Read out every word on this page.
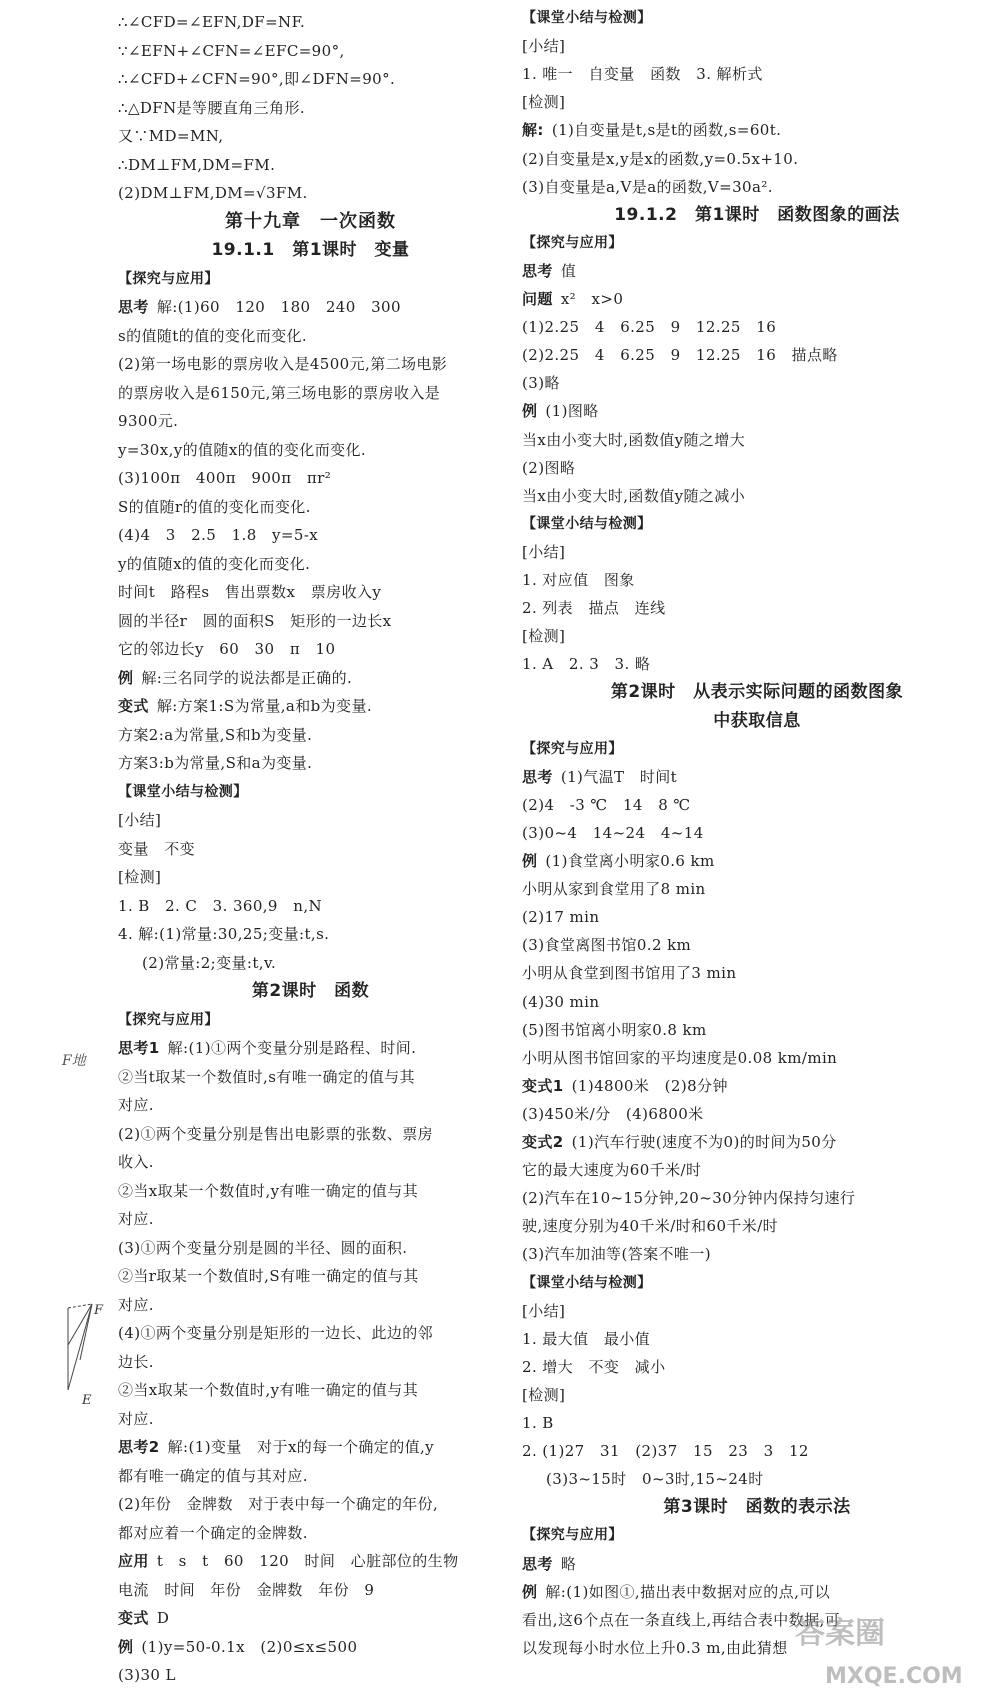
∴∠CFD=∠EFN,DF=NF.
∵∠EFN+∠CFN=∠EFC=90°,
∴∠CFD+∠CFN=90°,即∠DFN=90°.
∴△DFN是等腰直角三角形.
又∵MD=MN,
∴DM⊥FM,DM=FM.
(2)DM⊥FM,DM=√3FM.
第十九章　一次函数
19.1.1　第1课时　变量
【探究与应用】
思考 解:(1)60　120　180　240　300
s的值随t的值的变化而变化.
(2)第一场电影的票房收入是4500元,第二场电影
的票房收入是6150元,第三场电影的票房收入是
9300元.
y=30x,y的值随x的值的变化而变化.
(3)100π　400π　900π　πr²
S的值随r的值的变化而变化.
(4)4　3　2.5　1.8　y=5-x
y的值随x的值的变化而变化.
时间t　路程s　售出票数x　票房收入y
圆的半径r　圆的面积S　矩形的一边长x
它的邻边长y　60　30　π　10
例 解:三名同学的说法都是正确的.
变式 解:方案1:S为常量,a和b为变量.
方案2:a为常量,S和b为变量.
方案3:b为常量,S和a为变量.
【课堂小结与检测】
[小结]
变量　不变
[检测]
1. B　2. C　3. 360,9　n,N
4. 解:(1)常量:30,25;变量:t,s.
(2)常量:2;变量:t,v.
第2课时　函数
【探究与应用】
思考1 解:(1)①两个变量分别是路程、时间.
②当t取某一个数值时,s有唯一确定的值与其
对应.
(2)①两个变量分别是售出电影票的张数、票房
收入.
②当x取某一个数值时,y有唯一确定的值与其
对应.
(3)①两个变量分别是圆的半径、圆的面积.
②当r取某一个数值时,S有唯一确定的值与其
对应.
(4)①两个变量分别是矩形的一边长、此边的邻
边长.
②当x取某一个数值时,y有唯一确定的值与其
对应.
思考2 解:(1)变量　对于x的每一个确定的值,y
都有唯一确定的值与其对应.
(2)年份　金牌数　对于表中每一个确定的年份,
都对应着一个确定的金牌数.
应用 t　s　t　60　120　时间　心脏部位的生物
电流　时间　年份　金牌数　年份　9
变式 D
例 (1)y=50-0.1x　(2)0≤x≤500
(3)30 L
【课堂小结与检测】
[小结]
1. 唯一　自变量　函数　3. 解析式
[检测]
解: (1)自变量是t,s是t的函数,s=60t.
(2)自变量是x,y是x的函数,y=0.5x+10.
(3)自变量是a,V是a的函数,V=30a².
19.1.2　第1课时　函数图象的画法
【探究与应用】
思考 值
问题 x²　x>0
(1)2.25　4　6.25　9　12.25　16
(2)2.25　4　6.25　9　12.25　16　描点略
(3)略
例 (1)图略
当x由小变大时,函数值y随之增大
(2)图略
当x由小变大时,函数值y随之减小
【课堂小结与检测】
[小结]
1. 对应值　图象
2. 列表　描点　连线
[检测]
1. A　2. 3　3. 略
第2课时　从表示实际问题的函数图象
中获取信息
【探究与应用】
思考 (1)气温T　时间t
(2)4　-3 ℃　14　8 ℃
(3)0~4　14~24　4~14
例 (1)食堂离小明家0.6 km
小明从家到食堂用了8 min
(2)17 min
(3)食堂离图书馆0.2 km
小明从食堂到图书馆用了3 min
(4)30 min
(5)图书馆离小明家0.8 km
小明从图书馆回家的平均速度是0.08 km/min
变式1 (1)4800米　(2)8分钟
(3)450米/分　(4)6800米
变式2 (1)汽车行驶(速度不为0)的时间为50分
它的最大速度为60千米/时
(2)汽车在10~15分钟,20~30分钟内保持匀速行
驶,速度分别为40千米/时和60千米/时
(3)汽车加油等(答案不唯一)
【课堂小结与检测】
[小结]
1. 最大值　最小值
2. 增大　不变　减小
[检测]
1. B
2. (1)27　31　(2)37　15　23　3　12
(3)3~15时　0~3时,15~24时
第3课时　函数的表示法
【探究与应用】
思考 略
例 解:(1)如图①,描出表中数据对应的点,可以
看出,这6个点在一条直线上,再结合表中数据,可
以发现每小时水位上升0.3 m,由此猜想
F地
F
E
答案圈
MXQE.COM
